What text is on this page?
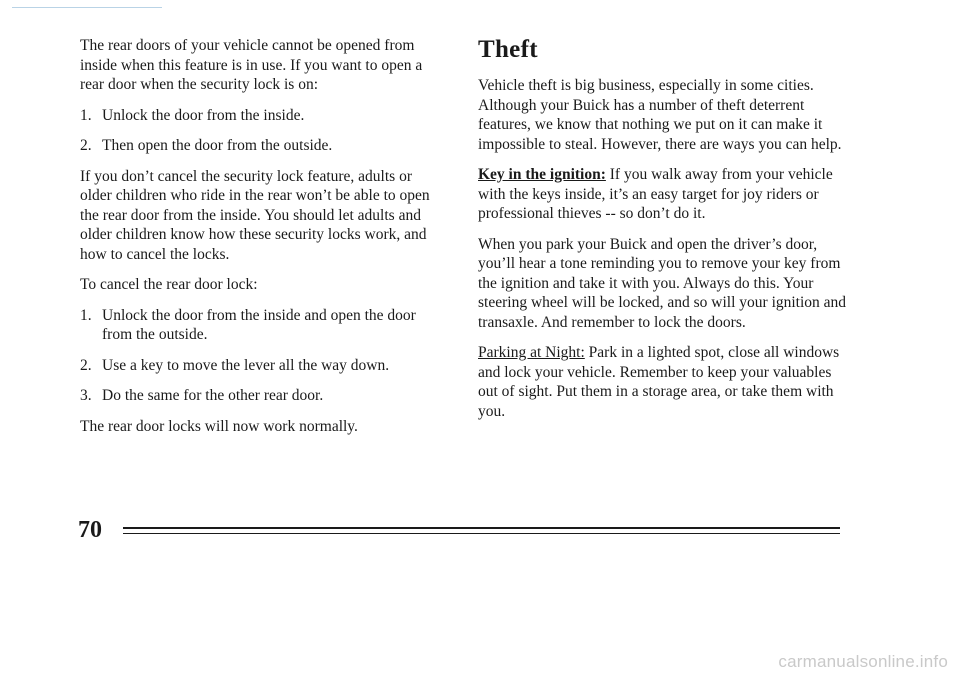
The rear doors of your vehicle cannot be opened from inside when this feature is in use. If you want to open a rear door when the security lock is on:

1. Unlock the door from the inside.
2. Then open the door from the outside.

If you don’t cancel the security lock feature, adults or older children who ride in the rear won’t be able to open the rear door from the inside. You should let adults and older children know how these security locks work, and how to cancel the locks.

To cancel the rear door lock:

1. Unlock the door from the inside and open the door from the outside.
2. Use a key to move the lever all the way down.
3. Do the same for the other rear door.

The rear door locks will now work normally.

Theft

Vehicle theft is big business, especially in some cities. Although your Buick has a number of theft deterrent features, we know that nothing we put on it can make it impossible to steal. However, there are ways you can help.

Key in the ignition: If you walk away from your vehicle with the keys inside, it’s an easy target for joy riders or professional thieves -- so don’t do it.

When you park your Buick and open the driver’s door, you’ll hear a tone reminding you to remove your key from the ignition and take it with you. Always do this. Your steering wheel will be locked, and so will your ignition and transaxle. And remember to lock the doors.

Parking at Night: Park in a lighted spot, close all windows and lock your vehicle. Remember to keep your valuables out of sight. Put them in a storage area, or take them with you.

70
carmanualsonline.info
